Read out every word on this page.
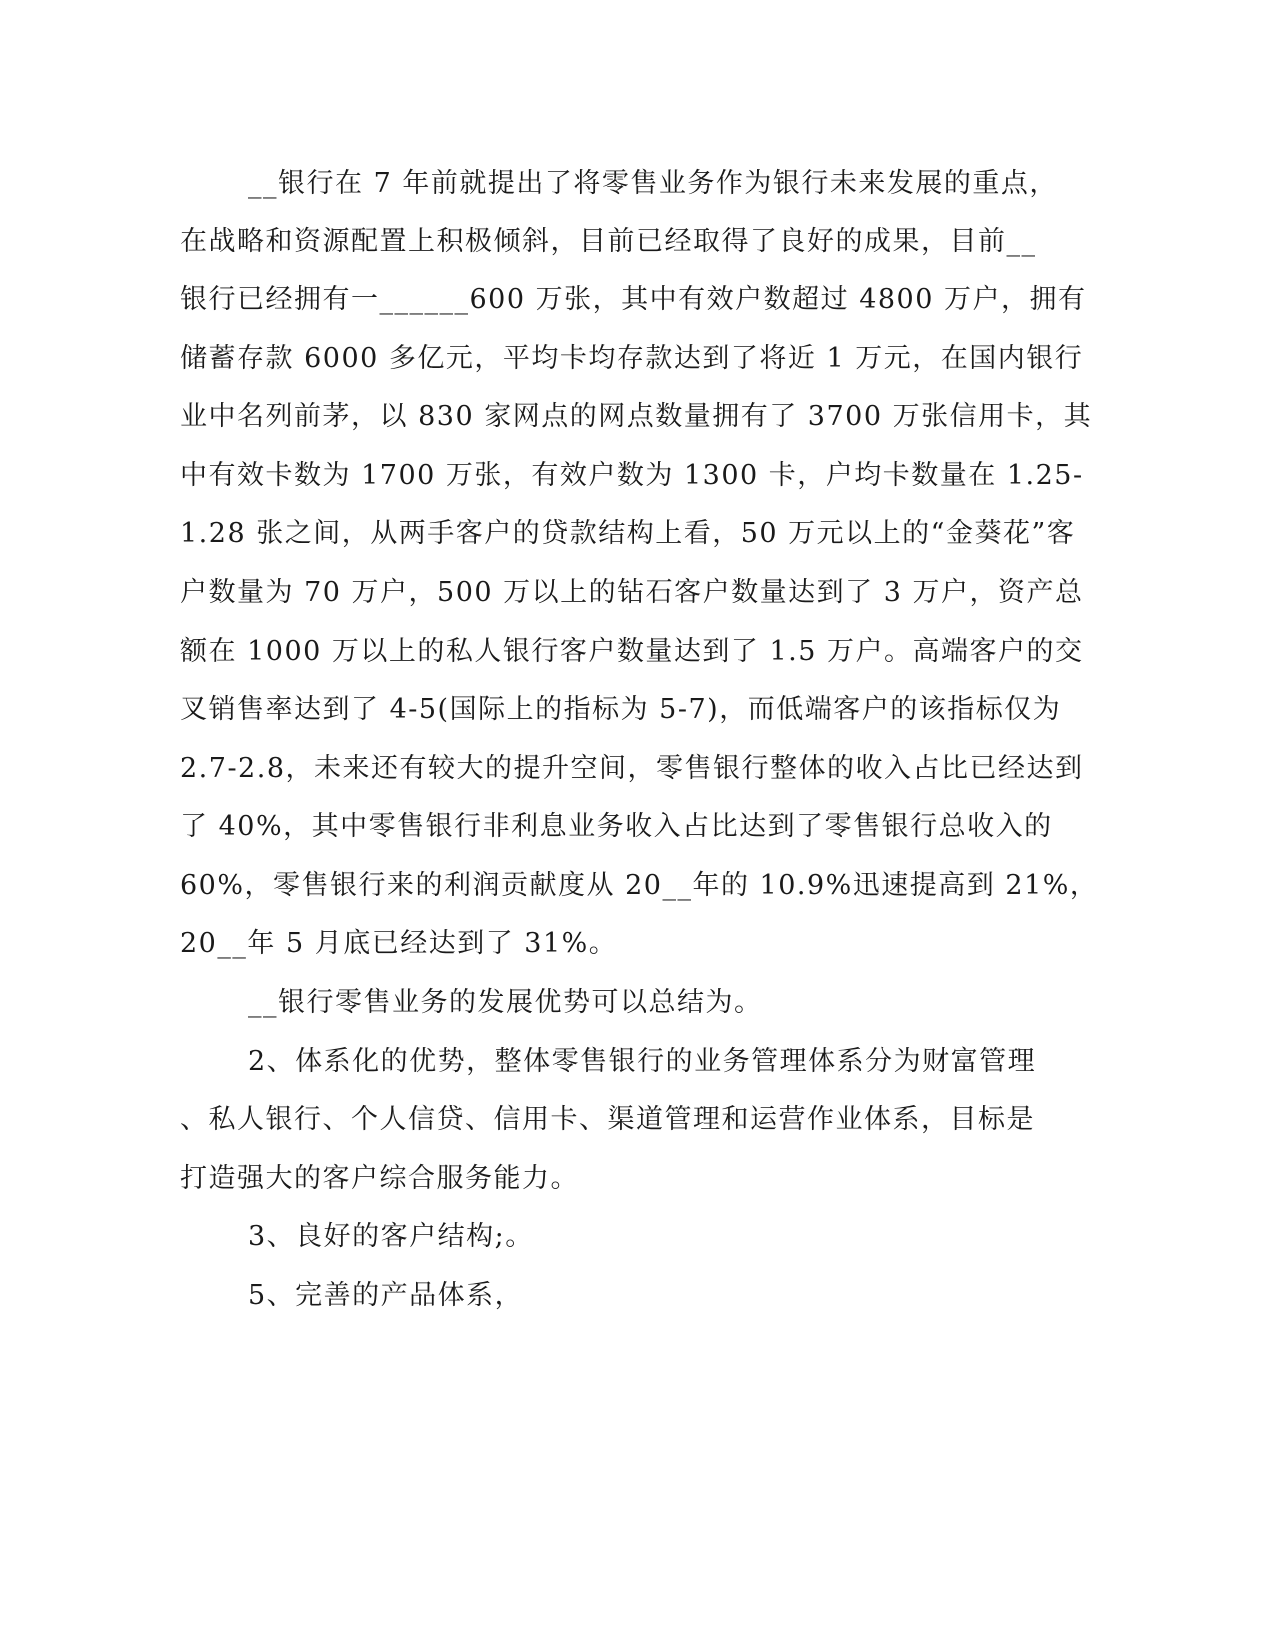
__银行在 7 年前就提出了将零售业务作为银行未来发展的重点，
在战略和资源配置上积极倾斜，目前已经取得了良好的成果，目前__
银行已经拥有一______600 万张，其中有效户数超过 4800 万户，拥有
储蓄存款 6000 多亿元，平均卡均存款达到了将近 1 万元，在国内银行
业中名列前茅，以 830 家网点的网点数量拥有了 3700 万张信用卡，其
中有效卡数为 1700 万张，有效户数为 1300 卡，户均卡数量在 1.25-
1.28 张之间，从两手客户的贷款结构上看，50 万元以上的“金葵花”客
户数量为 70 万户，500 万以上的钻石客户数量达到了 3 万户，资产总
额在 1000 万以上的私人银行客户数量达到了 1.5 万户。高端客户的交
叉销售率达到了 4-5(国际上的指标为 5-7)，而低端客户的该指标仅为
2.7-2.8，未来还有较大的提升空间，零售银行整体的收入占比已经达到
了 40%，其中零售银行非利息业务收入占比达到了零售银行总收入的
60%，零售银行来的利润贡献度从 20__年的 10.9%迅速提高到 21%，
20__年 5 月底已经达到了 31%。
__银行零售业务的发展优势可以总结为。
2、体系化的优势，整体零售银行的业务管理体系分为财富管理
、私人银行、个人信贷、信用卡、渠道管理和运营作业体系，目标是
打造强大的客户综合服务能力。
3、良好的客户结构;。
5、完善的产品体系，
